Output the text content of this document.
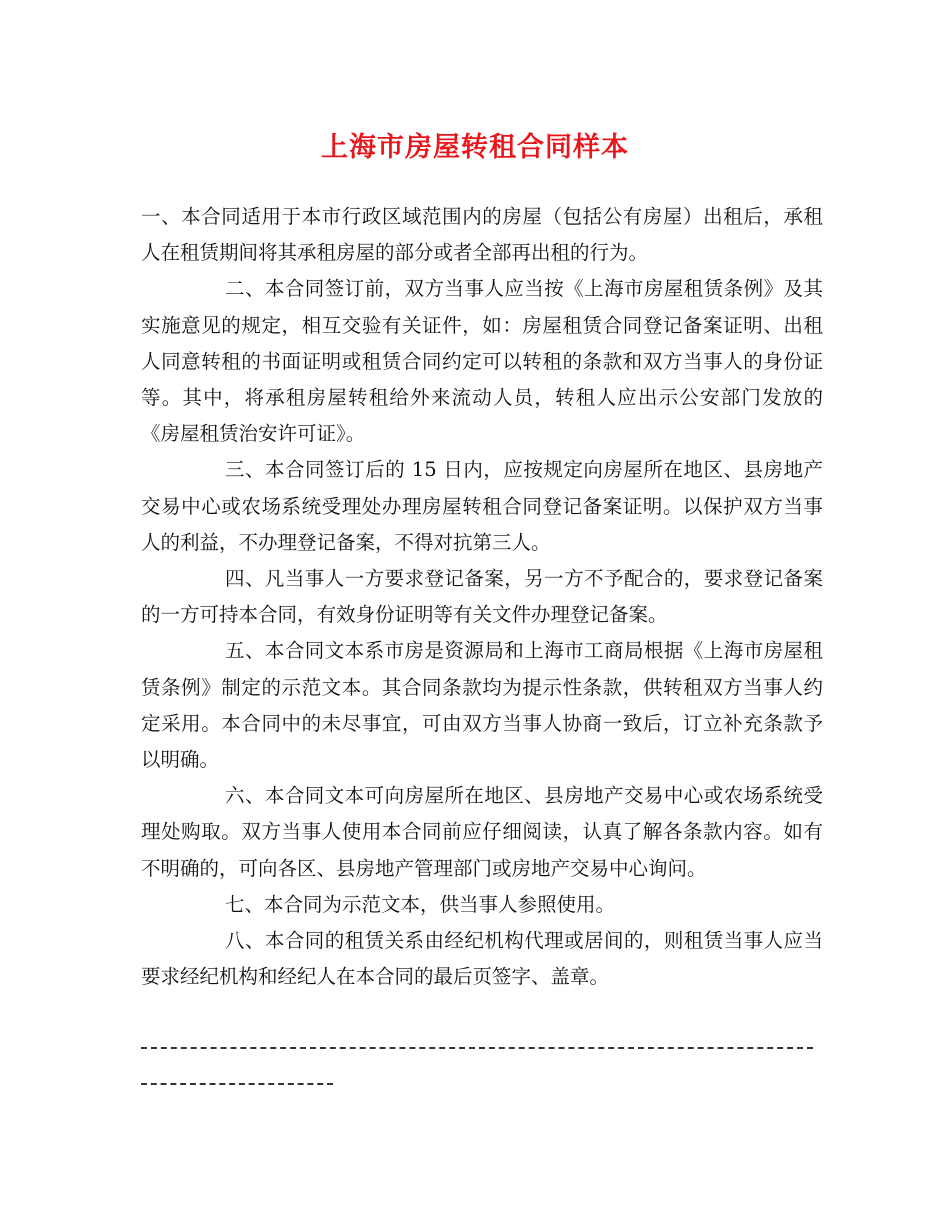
上海市房屋转租合同样本

一、本合同适用于本市行政区域范围内的房屋（包括公有房屋）出租后，承租人在租赁期间将其承租房屋的部分或者全部再出租的行为。

二、本合同签订前，双方当事人应当按《上海市房屋租赁条例》及其实施意见的规定，相互交验有关证件，如：房屋租赁合同登记备案证明、出租人同意转租的书面证明或租赁合同约定可以转租的条款和双方当事人的身份证等。其中，将承租房屋转租给外来流动人员，转租人应出示公安部门发放的《房屋租赁治安许可证》。

三、本合同签订后的 15 日内，应按规定向房屋所在地区、县房地产交易中心或农场系统受理处办理房屋转租合同登记备案证明。以保护双方当事人的利益，不办理登记备案，不得对抗第三人。

四、凡当事人一方要求登记备案，另一方不予配合的，要求登记备案的一方可持本合同，有效身份证明等有关文件办理登记备案。

五、本合同文本系市房是资源局和上海市工商局根据《上海市房屋租赁条例》制定的示范文本。其合同条款均为提示性条款，供转租双方当事人约定采用。本合同中的未尽事宜，可由双方当事人协商一致后，订立补充条款予以明确。

六、本合同文本可向房屋所在地区、县房地产交易中心或农场系统受理处购取。双方当事人使用本合同前应仔细阅读，认真了解各条款内容。如有不明确的，可向各区、县房地产管理部门或房地产交易中心询问。

七、本合同为示范文本，供当事人参照使用。

八、本合同的租赁关系由经纪机构代理或居间的，则租赁当事人应当要求经纪机构和经纪人在本合同的最后页签字、盖章。
